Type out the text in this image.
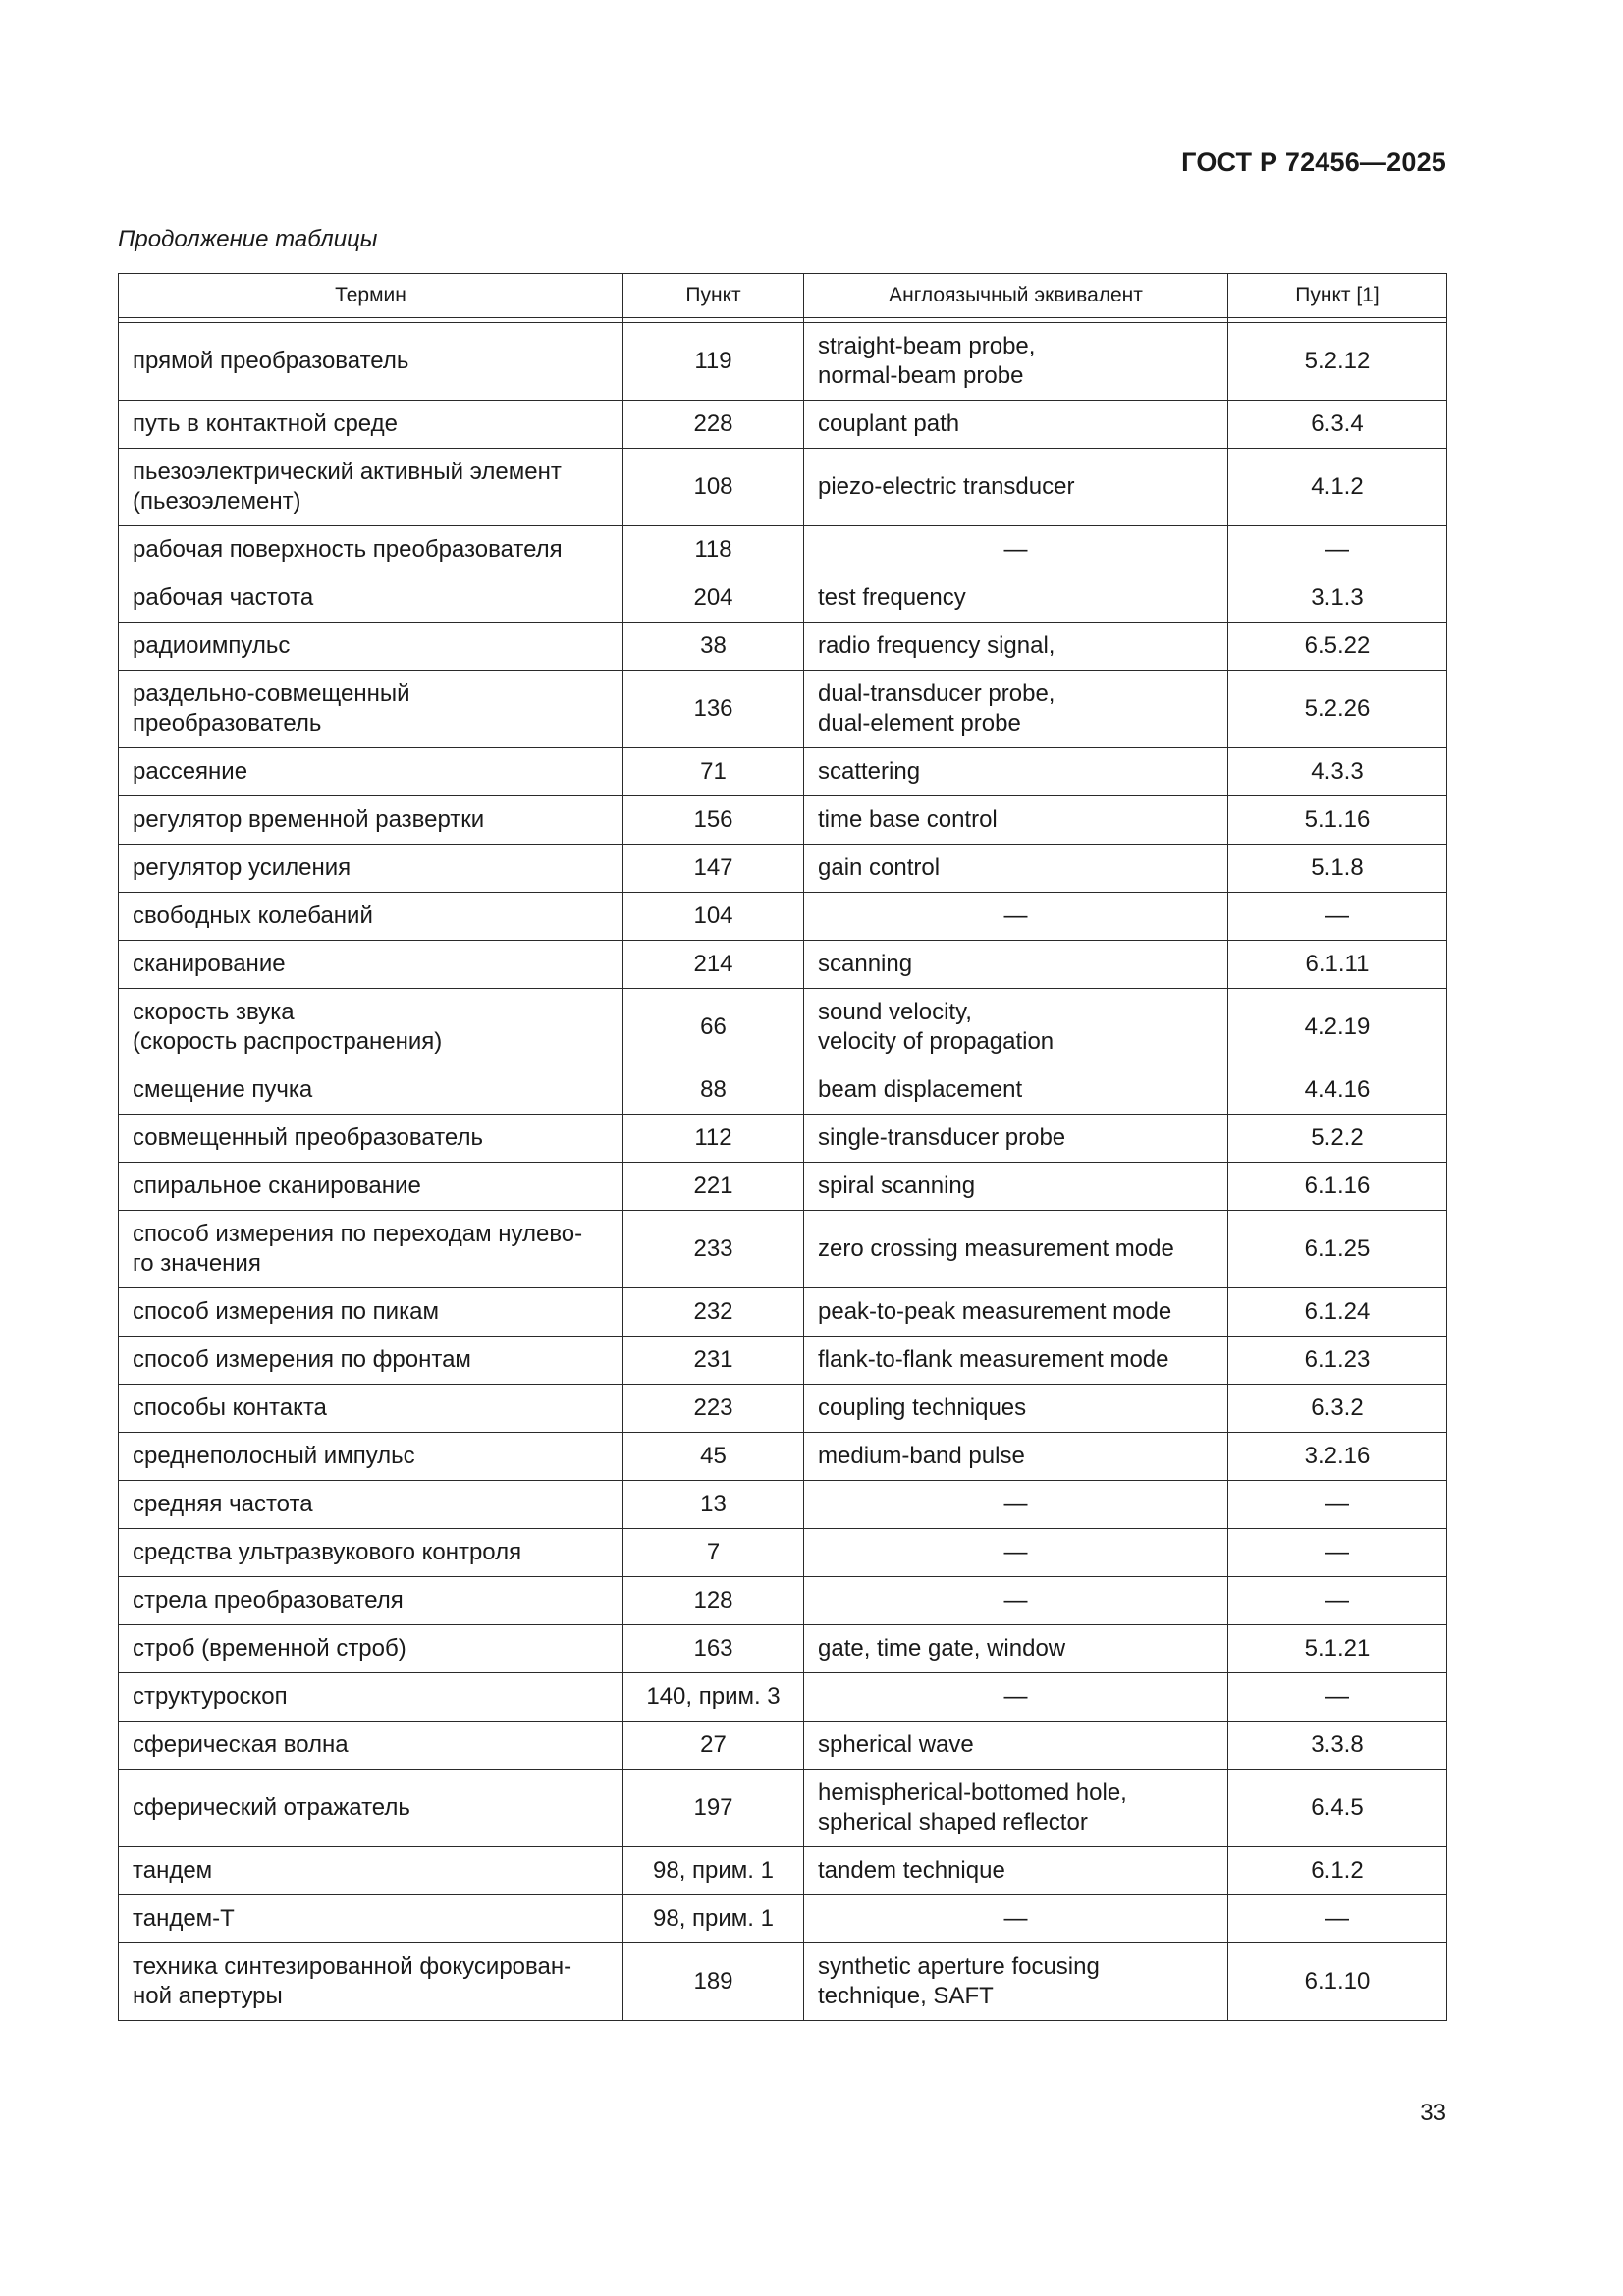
ГОСТ Р 72456—2025
Продолжение таблицы
Термин	Пункт	Англоязычный эквивалент	Пункт [1]

прямой преобразователь	119	straight-beam probe,
normal-beam probe	5.2.12

путь в контактной среде	228	couplant path	6.3.4

пьезоэлектрический активный элемент
(пьезоэлемент)	108	piezo-electric transducer	4.1.2

рабочая поверхность преобразователя	118	—	—

рабочая частота	204	test frequency	3.1.3

радиоимпульс	38	radio frequency signal,	6.5.22

раздельно-совмещенный
преобразователь	136	dual-transducer probe,
dual-element probe	5.2.26

рассеяние	71	scattering	4.3.3

регулятор временной развертки	156	time base control	5.1.16

регулятор усиления	147	gain control	5.1.8

свободных колебаний	104	—	—

сканирование	214	scanning	6.1.11

скорость звука
(скорость распространения)	66	sound velocity,
velocity of propagation	4.2.19

смещение пучка	88	beam displacement	4.4.16

совмещенный преобразователь	112	single-transducer probe	5.2.2

спиральное сканирование	221	spiral scanning	6.1.16

способ измерения по переходам нулево-
го значения	233	zero crossing measurement mode	6.1.25

способ измерения по пикам	232	peak-to-peak measurement mode	6.1.24

способ измерения по фронтам	231	flank-to-flank measurement mode	6.1.23

способы контакта	223	coupling techniques	6.3.2

среднеполосный импульс	45	medium-band pulse	3.2.16

средняя частота	13	—	—

средства ультразвукового контроля	7	—	—

стрела преобразователя	128	—	—

строб (временной строб)	163	gate, time gate, window	5.1.21

структуроскоп	140, прим. 3	—	—

сферическая волна	27	spherical wave	3.3.8

сферический отражатель	197	hemispherical-bottomed hole,
spherical shaped reflector	6.4.5

тандем	98, прим. 1	tandem technique	6.1.2

тандем-Т	98, прим. 1	—	—

техника синтезированной фокусирован-
ной апертуры	189	synthetic aperture focusing
technique, SAFT	6.1.10
33
